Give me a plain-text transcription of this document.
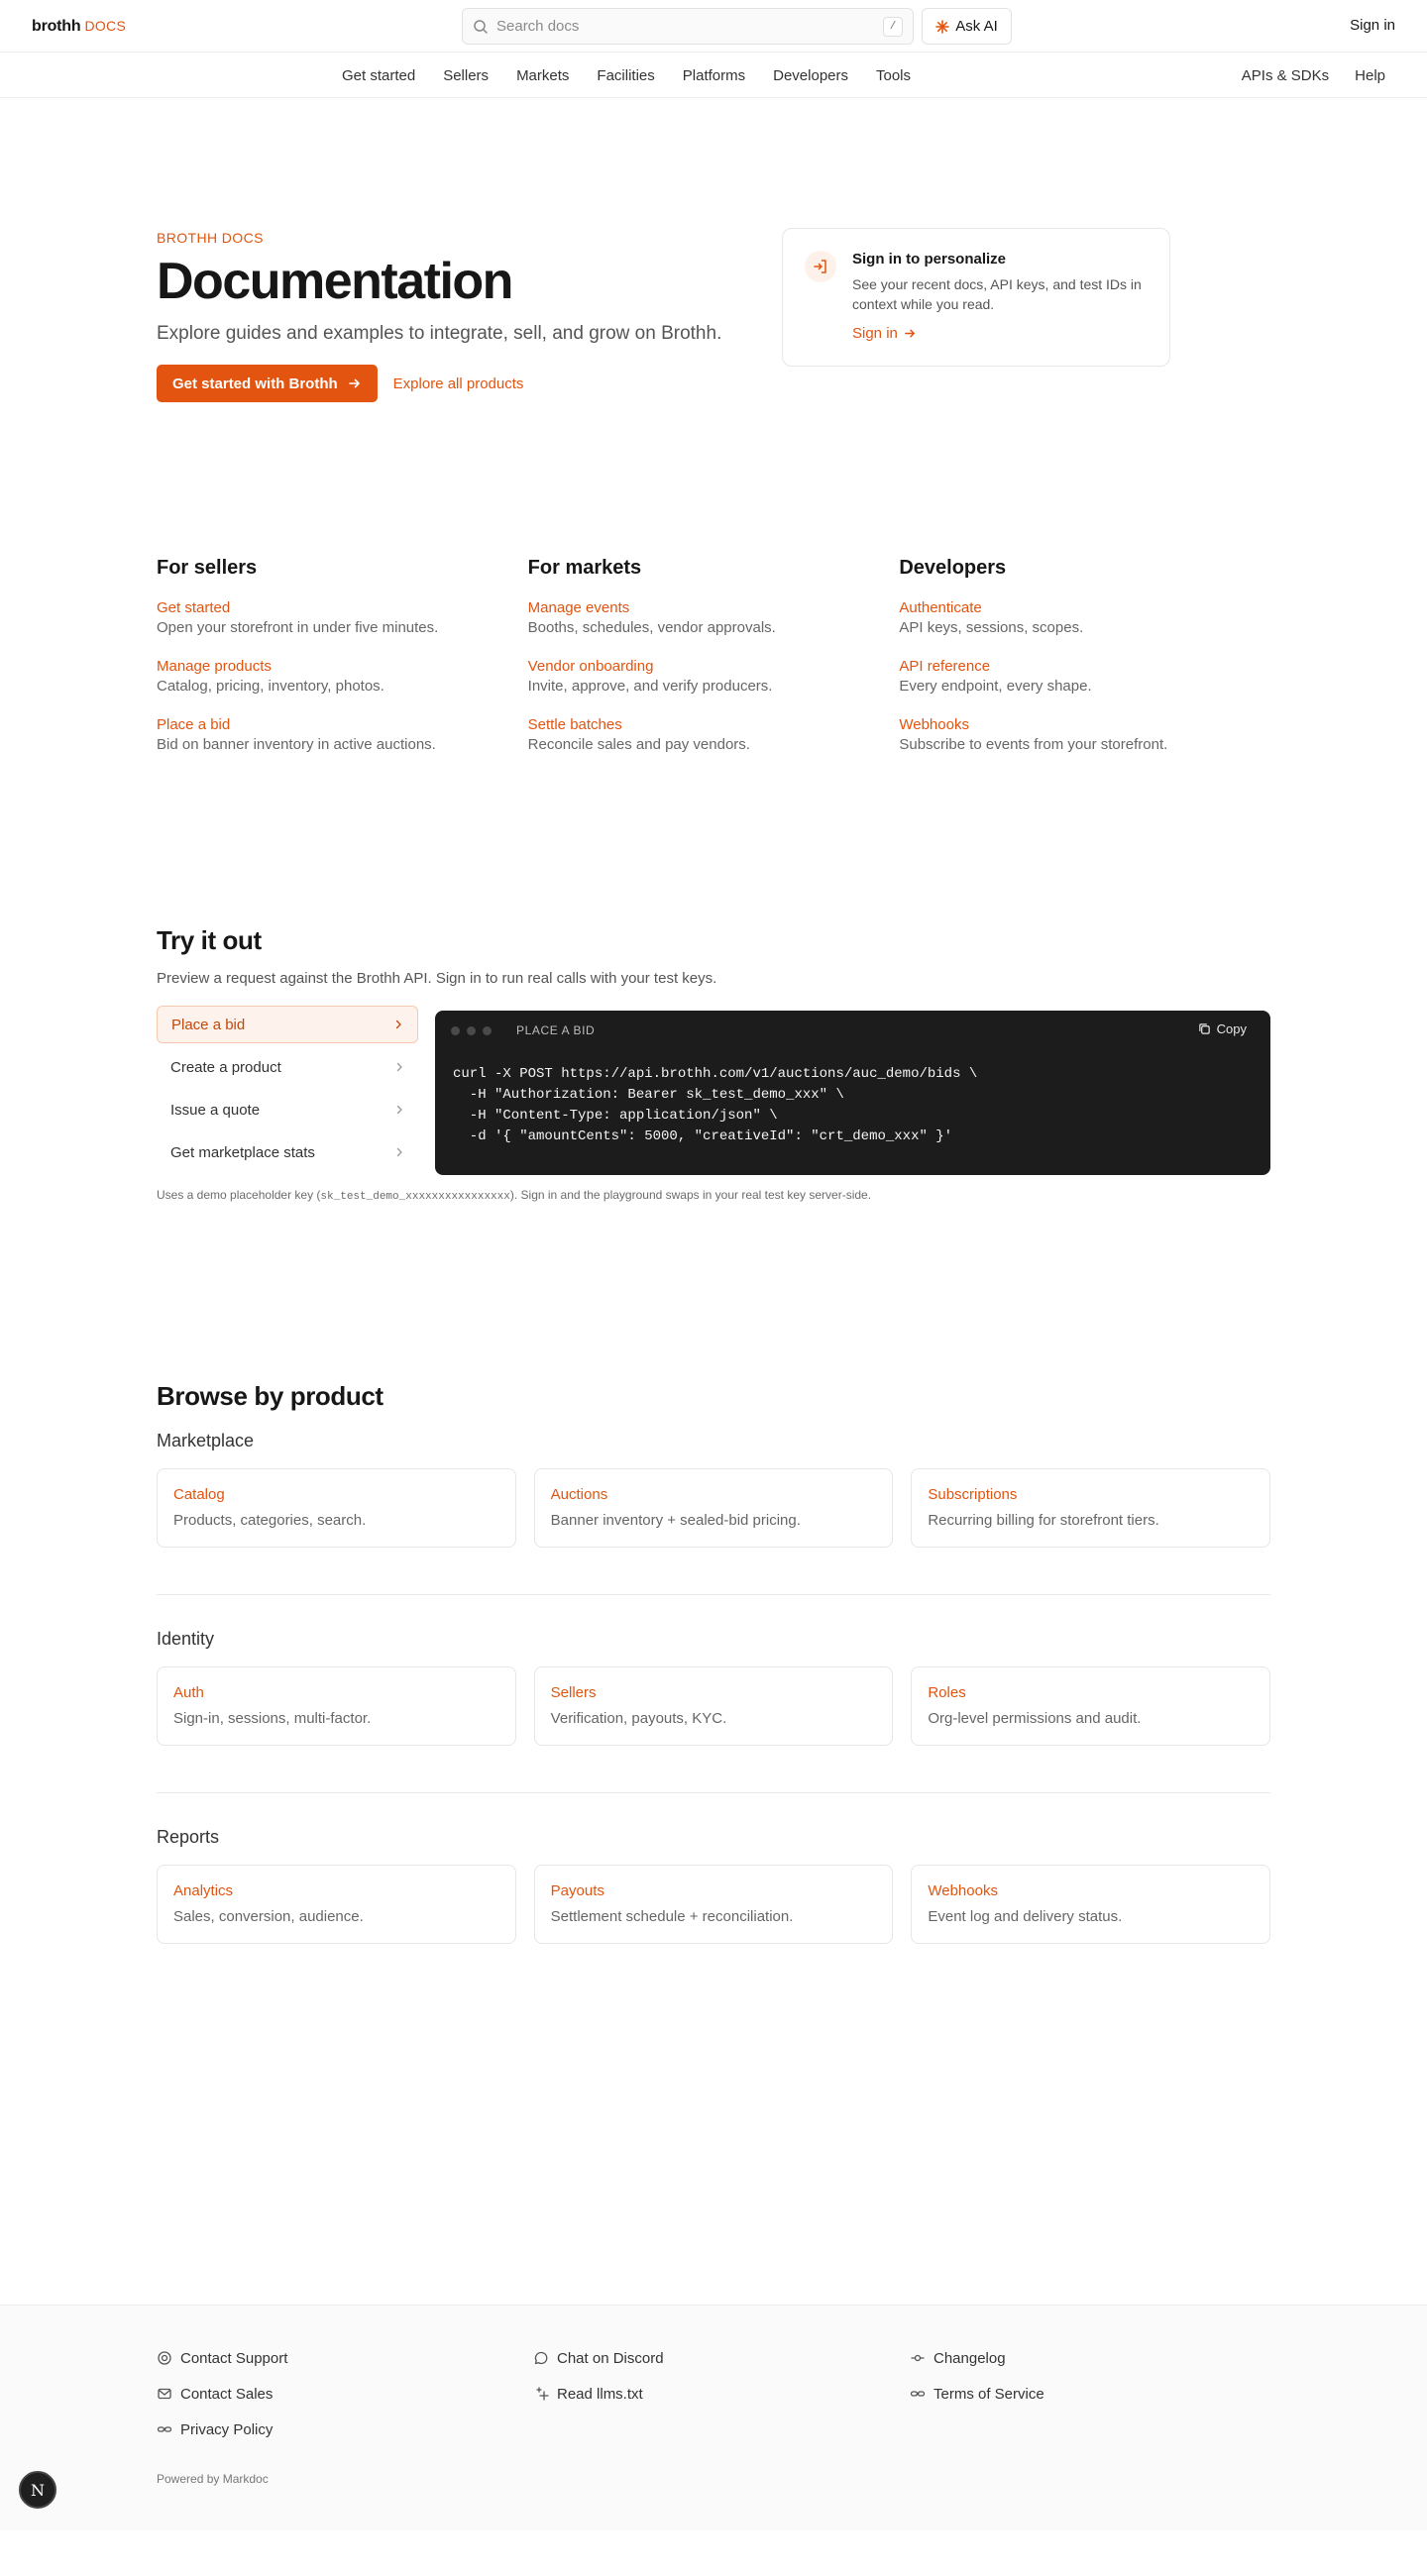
brothh DOCS
Search docs	/	Ask AI	Sign in
Get started Sellers Markets Facilities Platforms Developers Tools	APIs & SDKs Help
BROTHH DOCS
Documentation
Explore guides and examples to integrate, sell, and grow on Brothh.
Get started with Brothh	Explore all products
Sign in to personalize
See your recent docs, API keys, and test IDs in context while you read.
Sign in
For sellers
Get started
Open your storefront in under five minutes.
Manage products
Catalog, pricing, inventory, photos.
Place a bid
Bid on banner inventory in active auctions.
For markets
Manage events
Booths, schedules, vendor approvals.
Vendor onboarding
Invite, approve, and verify producers.
Settle batches
Reconcile sales and pay vendors.
Developers
Authenticate
API keys, sessions, scopes.
API reference
Every endpoint, every shape.
Webhooks
Subscribe to events from your storefront.
Try it out
Preview a request against the Brothh API. Sign in to run real calls with your test keys.
Place a bid
Create a product
Issue a quote
Get marketplace stats
PLACE A BID	Copy
curl -X POST https://api.brothh.com/v1/auctions/auc_demo/bids \
-H "Authorization: Bearer sk_test_demo_xxx" \
-H "Content-Type: application/json" \
-d '{ "amountCents": 5000, "creativeId": "crt_demo_xxx" }'
Uses a demo placeholder key (sk_test_demo_xxxxxxxxxxxxxxxx). Sign in and the playground swaps in your real test key server-side.
Browse by product
Marketplace
Catalog
Products, categories, search.
Auctions
Banner inventory + sealed-bid pricing.
Subscriptions
Recurring billing for storefront tiers.
Identity
Auth
Sign-in, sessions, multi-factor.
Sellers
Verification, payouts, KYC.
Roles
Org-level permissions and audit.
Reports
Analytics
Sales, conversion, audience.
Payouts
Settlement schedule + reconciliation.
Webhooks
Event log and delivery status.
Contact Support
Contact Sales
Privacy Policy
Chat on Discord
Read llms.txt
Changelog
Terms of Service
Powered by Markdoc
N
